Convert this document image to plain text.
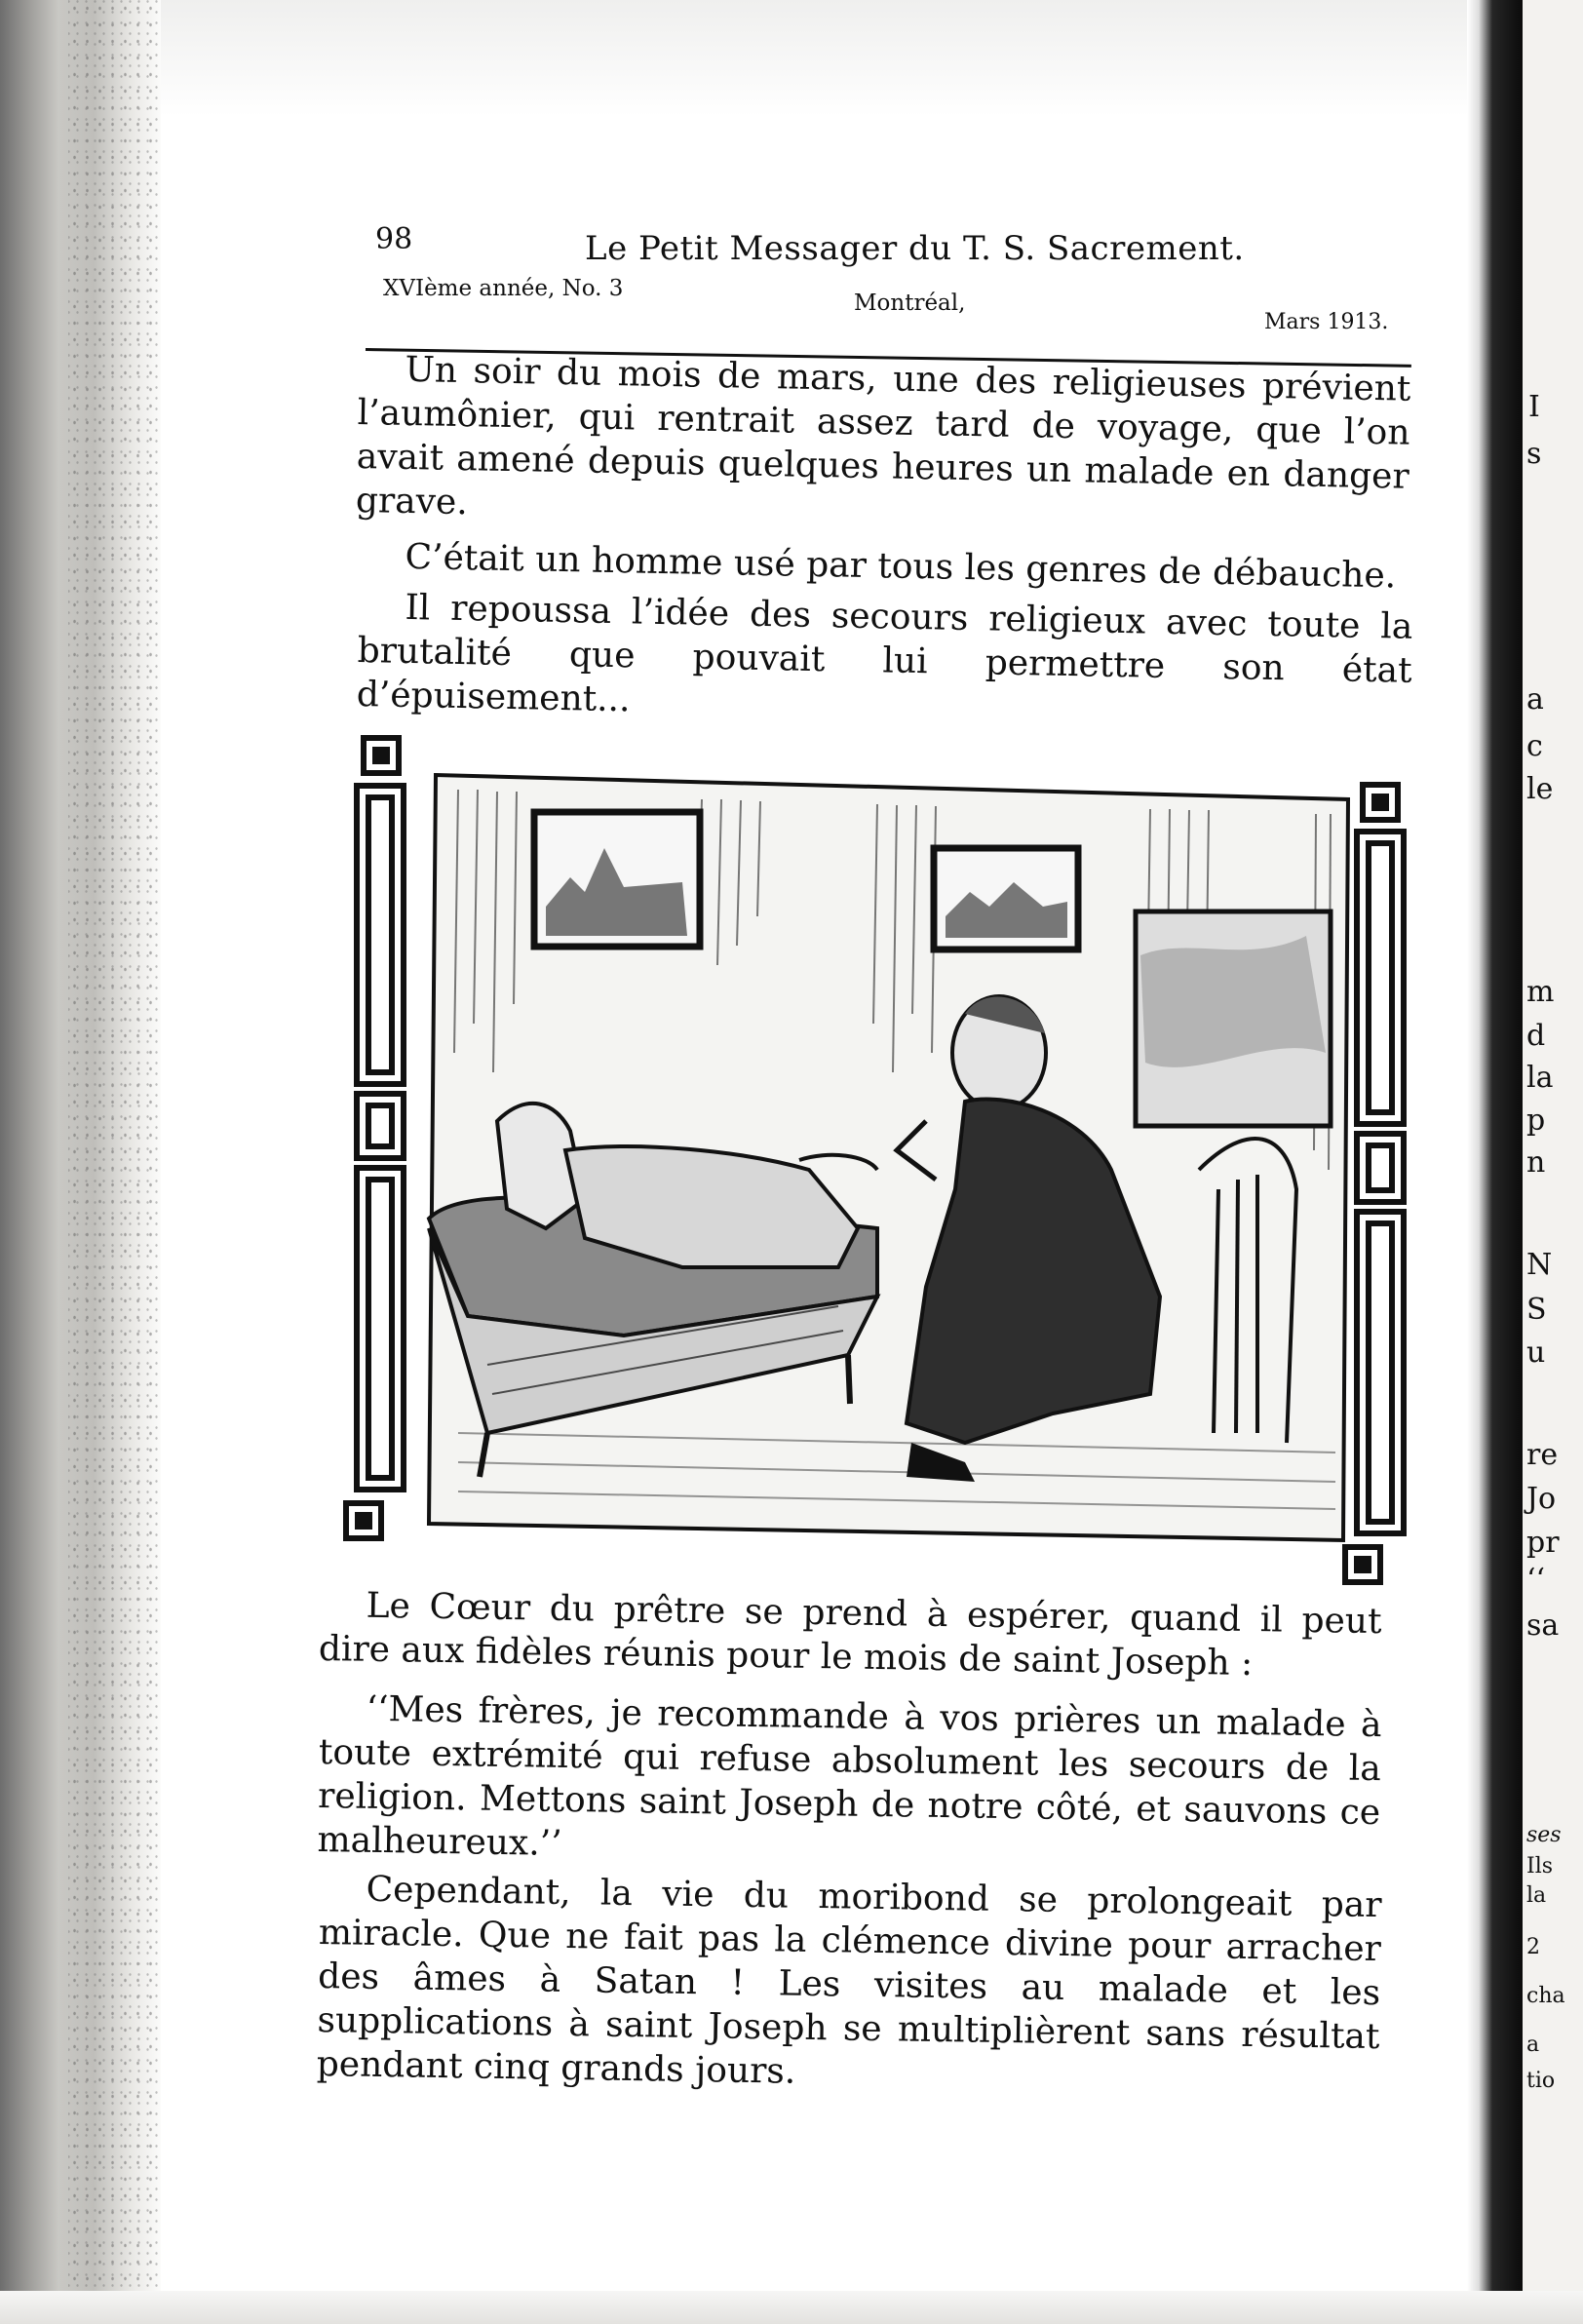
98	Le Petit Messager du T. S. Sacrement.
XVIème année, No. 3
Montréal,
Mars 1913.

Un soir du mois de mars, une des religieuses prévient l’aumônier, qui rentrait assez tard de voyage, que l’on avait amené depuis quelques heures un malade en danger grave.

C’était un homme usé par tous les genres de débauche.

Il repoussa l’idée des secours religieux avec toute la brutalité que pouvait lui permettre son état d’épuisement...

Le Cœur du prêtre se prend à espérer, quand il peut dire aux fidèles réunis pour le mois de saint Joseph :

‘‘Mes frères, je recommande à vos prières un malade à toute extrémité qui refuse absolument les secours de la religion. Mettons saint Joseph de notre côté, et sauvons ce malheureux.’’

Cependant, la vie du moribond se prolongeait par miracle. Que ne fait pas la clémence divine pour arracher des âmes à Satan ! Les visites au malade et les supplications à saint Joseph se multiplièrent sans résultat pendant cinq grands jours.

I
s
a
c
le
m
d
la
p
n
N
S
u
re
Jo
pr
‘‘
sa
ses
Ils
la
2
cha
a
tio
